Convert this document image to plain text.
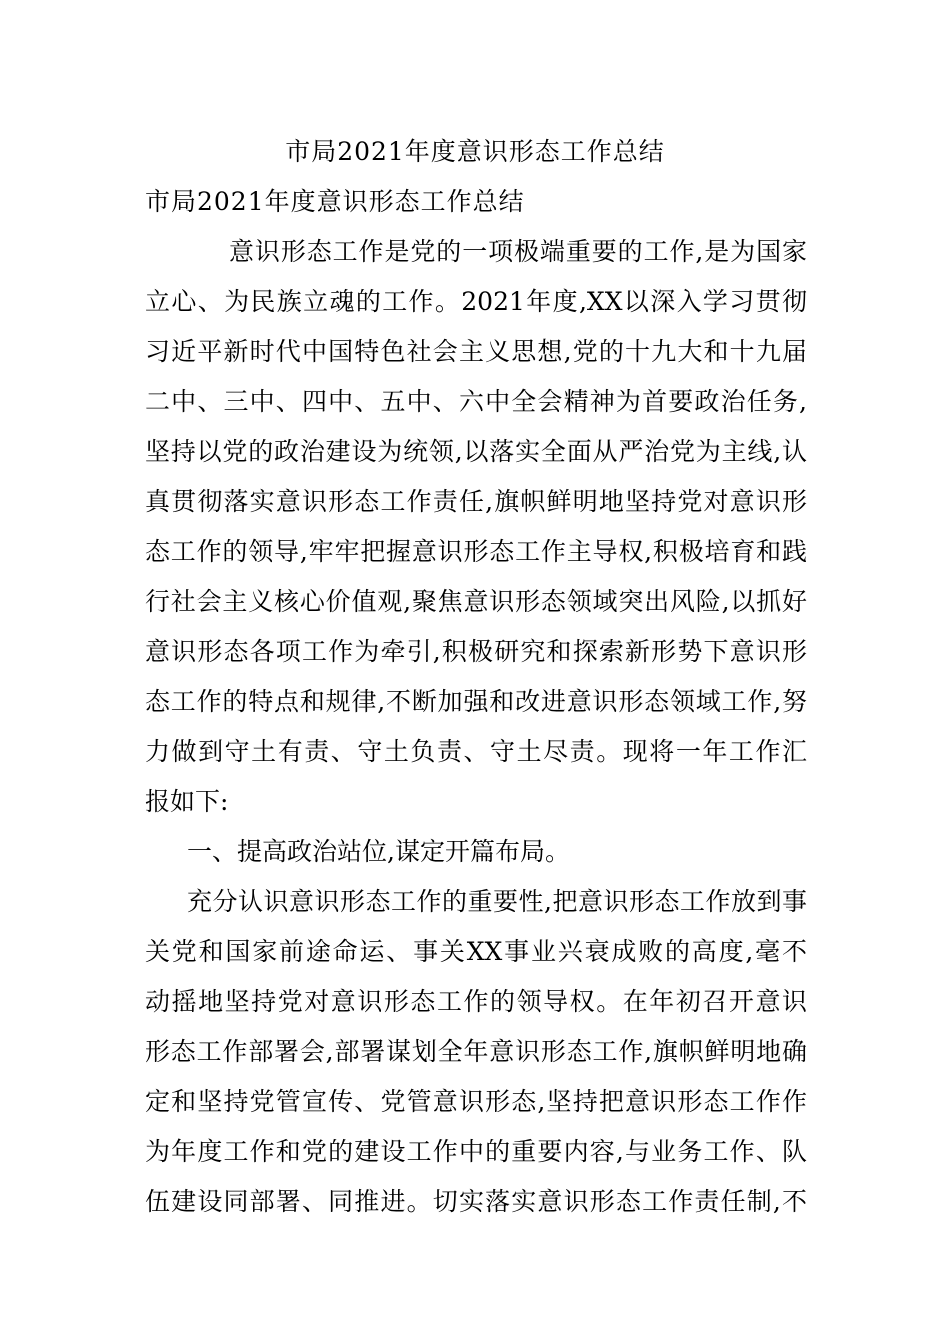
市局2021年度意识形态工作总结
市局2021年度意识形态工作总结
意识形态工作是党的一项极端重要的工作,是为国家
立心、为民族立魂的工作。2021年度,XX以深入学习贯彻
习近平新时代中国特色社会主义思想,党的十九大和十九届
二中、三中、四中、五中、六中全会精神为首要政治任务,
坚持以党的政治建设为统领,以落实全面从严治党为主线,认
真贯彻落实意识形态工作责任,旗帜鲜明地坚持党对意识形
态工作的领导,牢牢把握意识形态工作主导权,积极培育和践
行社会主义核心价值观,聚焦意识形态领域突出风险,以抓好
意识形态各项工作为牵引,积极研究和探索新形势下意识形
态工作的特点和规律,不断加强和改进意识形态领域工作,努
力做到守土有责、守土负责、守土尽责。现将一年工作汇
报如下:
一、提高政治站位,谋定开篇布局。
充分认识意识形态工作的重要性,把意识形态工作放到事
关党和国家前途命运、事关XX事业兴衰成败的高度,毫不
动摇地坚持党对意识形态工作的领导权。在年初召开意识
形态工作部署会,部署谋划全年意识形态工作,旗帜鲜明地确
定和坚持党管宣传、党管意识形态,坚持把意识形态工作作
为年度工作和党的建设工作中的重要内容,与业务工作、队
伍建设同部署、同推进。切实落实意识形态工作责任制,不
